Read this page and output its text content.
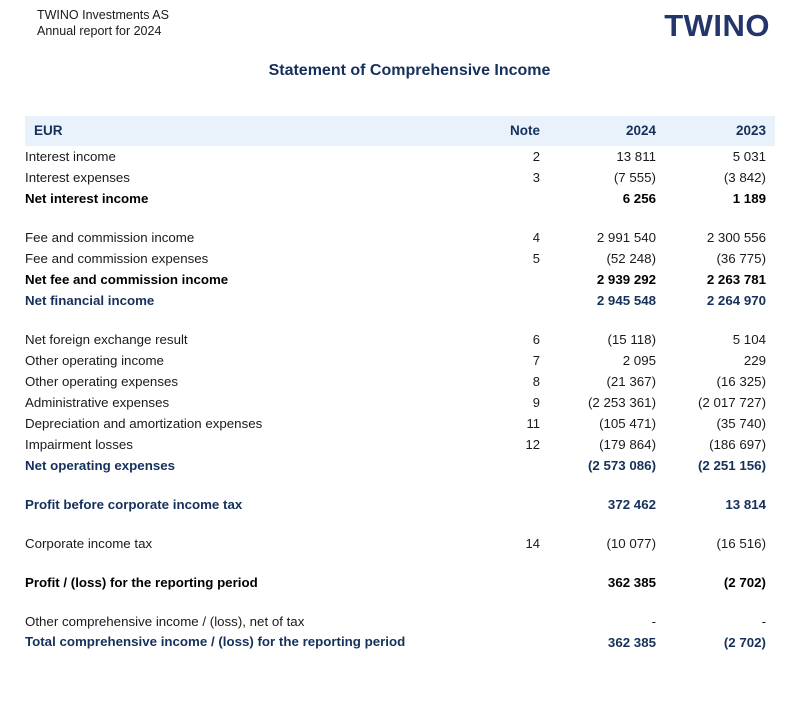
TWINO Investments AS
Annual report for 2024	TWINO
Statement of Comprehensive Income
EUR	Note	2024	2023
Interest income	2	13 811	5 031
Interest expenses	3	(7 555)	(3 842)
Net interest income		6 256	1 189

Fee and commission income	4	2 991 540	2 300 556
Fee and commission expenses	5	(52 248)	(36 775)
Net fee and commission income		2 939 292	2 263 781
Net financial income		2 945 548	2 264 970

Net foreign exchange result	6	(15 118)	5 104
Other operating income	7	2 095	229
Other operating expenses	8	(21 367)	(16 325)
Administrative expenses	9	(2 253 361)	(2 017 727)
Depreciation and amortization expenses	11	(105 471)	(35 740)
Impairment losses	12	(179 864)	(186 697)
Net operating expenses		(2 573 086)	(2 251 156)

Profit before corporate income tax		372 462	13 814

Corporate income tax	14	(10 077)	(16 516)

Profit / (loss) for the reporting period		362 385	(2 702)

Other comprehensive income / (loss), net of tax		-	-
Total comprehensive income / (loss) for the reporting period		362 385	(2 702)
